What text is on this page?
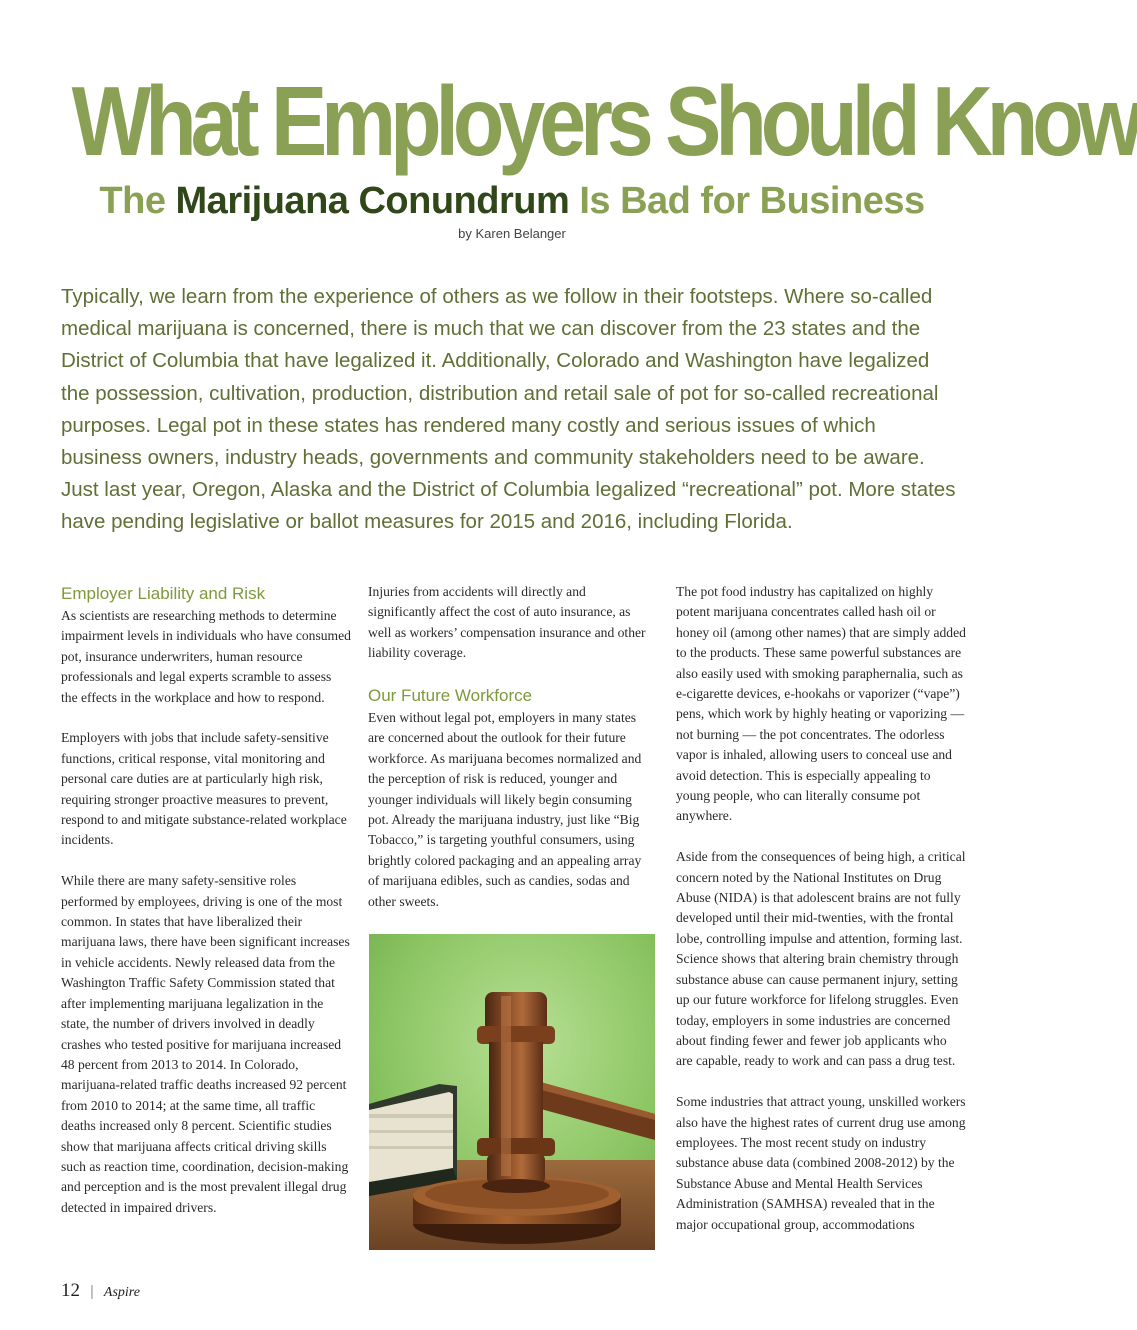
What Employers Should Know
The Marijuana Conundrum Is Bad for Business
by Karen Belanger

Typically, we learn from the experience of others as we follow in their footsteps. Where so-called medical marijuana is concerned, there is much that we can discover from the 23 states and the District of Columbia that have legalized it. Additionally, Colorado and Washington have legalized the possession, cultivation, production, distribution and retail sale of pot for so-called recreational purposes. Legal pot in these states has rendered many costly and serious issues of which business owners, industry heads, governments and community stakeholders need to be aware. Just last year, Oregon, Alaska and the District of Columbia legalized “recreational” pot. More states have pending legislative or ballot measures for 2015 and 2016, including Florida.

Employer Liability and Risk

As scientists are researching methods to determine impairment levels in individuals who have consumed pot, insurance underwriters, human resource professionals and legal experts scramble to assess the effects in the workplace and how to respond.

Employers with jobs that include safety-sensitive functions, critical response, vital monitoring and personal care duties are at particularly high risk, requiring stronger proactive measures to prevent, respond to and mitigate substance-related workplace incidents.

While there are many safety-sensitive roles performed by employees, driving is one of the most common. In states that have liberalized their marijuana laws, there have been significant increases in vehicle accidents. Newly released data from the Washington Traffic Safety Commission stated that after implementing marijuana legalization in the state, the number of drivers involved in deadly crashes who tested positive for marijuana increased 48 percent from 2013 to 2014. In Colorado, marijuana-related traffic deaths increased 92 percent from 2010 to 2014; at the same time, all traffic deaths increased only 8 percent. Scientific studies show that marijuana affects critical driving skills such as reaction time, coordination, decision-making and perception and is the most prevalent illegal drug detected in impaired drivers.

Injuries from accidents will directly and significantly affect the cost of auto insurance, as well as workers’ compensation insurance and other liability coverage.

Our Future Workforce

Even without legal pot, employers in many states are concerned about the outlook for their future workforce. As marijuana becomes normalized and the perception of risk is reduced, younger and younger individuals will likely begin consuming pot. Already the marijuana industry, just like “Big Tobacco,” is targeting youthful consumers, using brightly colored packaging and an appealing array of marijuana edibles, such as candies, sodas and other sweets.

The pot food industry has capitalized on highly potent marijuana concentrates called hash oil or honey oil (among other names) that are simply added to the products. These same powerful substances are also easily used with smoking paraphernalia, such as e-cigarette devices, e-hookahs or vaporizer (“vape”) pens, which work by highly heating or vaporizing — not burning — the pot concentrates. The odorless vapor is inhaled, allowing users to conceal use and avoid detection. This is especially appealing to young people, who can literally consume pot anywhere.

Aside from the consequences of being high, a critical concern noted by the National Institutes on Drug Abuse (NIDA) is that adolescent brains are not fully developed until their mid-twenties, with the frontal lobe, controlling impulse and attention, forming last. Science shows that altering brain chemistry through substance abuse can cause permanent injury, setting up our future workforce for lifelong struggles. Even today, employers in some industries are concerned about finding fewer and fewer job applicants who are capable, ready to work and can pass a drug test.

Some industries that attract young, unskilled workers also have the highest rates of current drug use among employees. The most recent study on industry substance abuse data (combined 2008-2012) by the Substance Abuse and Mental Health Services Administration (SAMHSA) revealed that in the major occupational group, accommodations

12 | Aspire
